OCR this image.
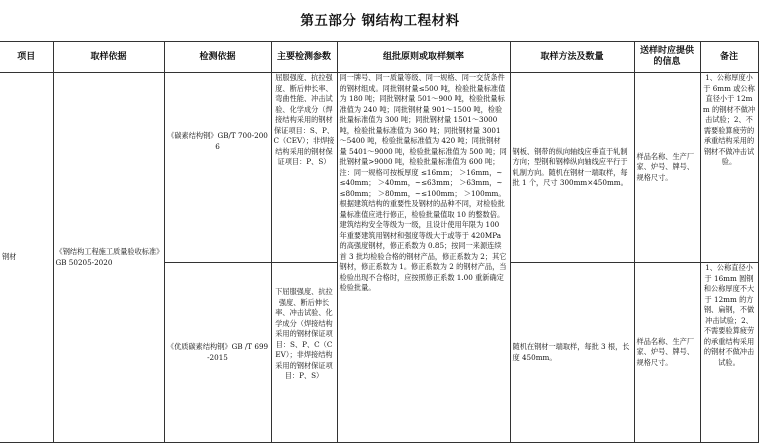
第五部分 钢结构工程材料
项目	取样依据	检测依据	主要检测参数	组批原则或取样频率	取样方法及数量	送样时应提供的信息	备注
钢材	《钢结构工程施工质量验收标准》GB 50205-2020	《碳素结构钢》GB/T 700-2006	屈服强度、抗拉强度、断后伸长率、弯曲性能、冲击试验、化学成分（焊接结构采用的钢材保证项目：S、P、C（CEV）；非焊接结构采用的钢材保证项目：P、S）	同一牌号、同一质量等级、同一规格、同一交货条件的钢材组成。同批钢材量≤500 吨，检验批量标准值为 180 吨；同批钢材量 501～900 吨，检验批量标准值为 240 吨；同批钢材量 901～1500 吨，检验批量标准值为 300 吨；同批钢材量 1501～3000 吨，检验批量标准值为 360 吨；同批钢材量 3001～5400 吨，检验批量标准值为 420 吨；同批钢材量 5401～9000 吨，检验批量标准值为 500 吨；同批钢材量>9000 吨，检验批量标准值为 600 吨；注：同一规格可按板厚度 ≤16mm； ＞16mm，~≤40mm； ＞40mm，~≤63mm； ＞63mm，~≤80mm； ＞80mm，~≤100mm； ＞100mm。根据建筑结构的重要性及钢材的品种不同，对检验批量标准值应进行修正，检验批量值取 10 的整数倍。建筑结构安全等级为一级，且设计使用年限为 100 年重要建筑用钢材和强度等级大于或等于 420MPa 的高强度钢材，修正系数为 0.85；按同一来源连续首 3 批均检验合格的钢材产品，修正系数为 2；其它钢材，修正系数为 1。修正系数为 2 的钢材产品，当检验出现不合格时，应按照修正系数 1.00 重新确定检验批量。	钢板、钢带的纵向轴线应垂直于轧制方向；型钢和钢棒纵向轴线应平行于轧制方向。随机在钢材一端取样，每批 1 个，尺寸 300mm×450mm。	样品名称、生产厂家、炉号、牌号、规格尺寸。	1、公称厚度小于 6mm 或公称直径小于 12mm 的钢材不做冲击试验；2、不需要验算疲劳的承重结构采用的钢材不做冲击试验。
		《优质碳素结构钢》GB /T 699-2015	下屈服强度、抗拉强度、断后伸长率、冲击试验、化学成分（焊接结构采用的钢材保证项目：S、P、C（CEV）；非焊接结构采用的钢材保证项目：P、S）		随机在钢材一端取样，每批 3 根，长度 450mm。	样品名称、生产厂家、炉号、牌号、规格尺寸。	1、公称直径小于 16mm 圆钢和公称厚度不大于 12mm 的方钢、扁钢，不做冲击试验；2、不需要验算疲劳的承重结构采用的钢材不做冲击试验。
